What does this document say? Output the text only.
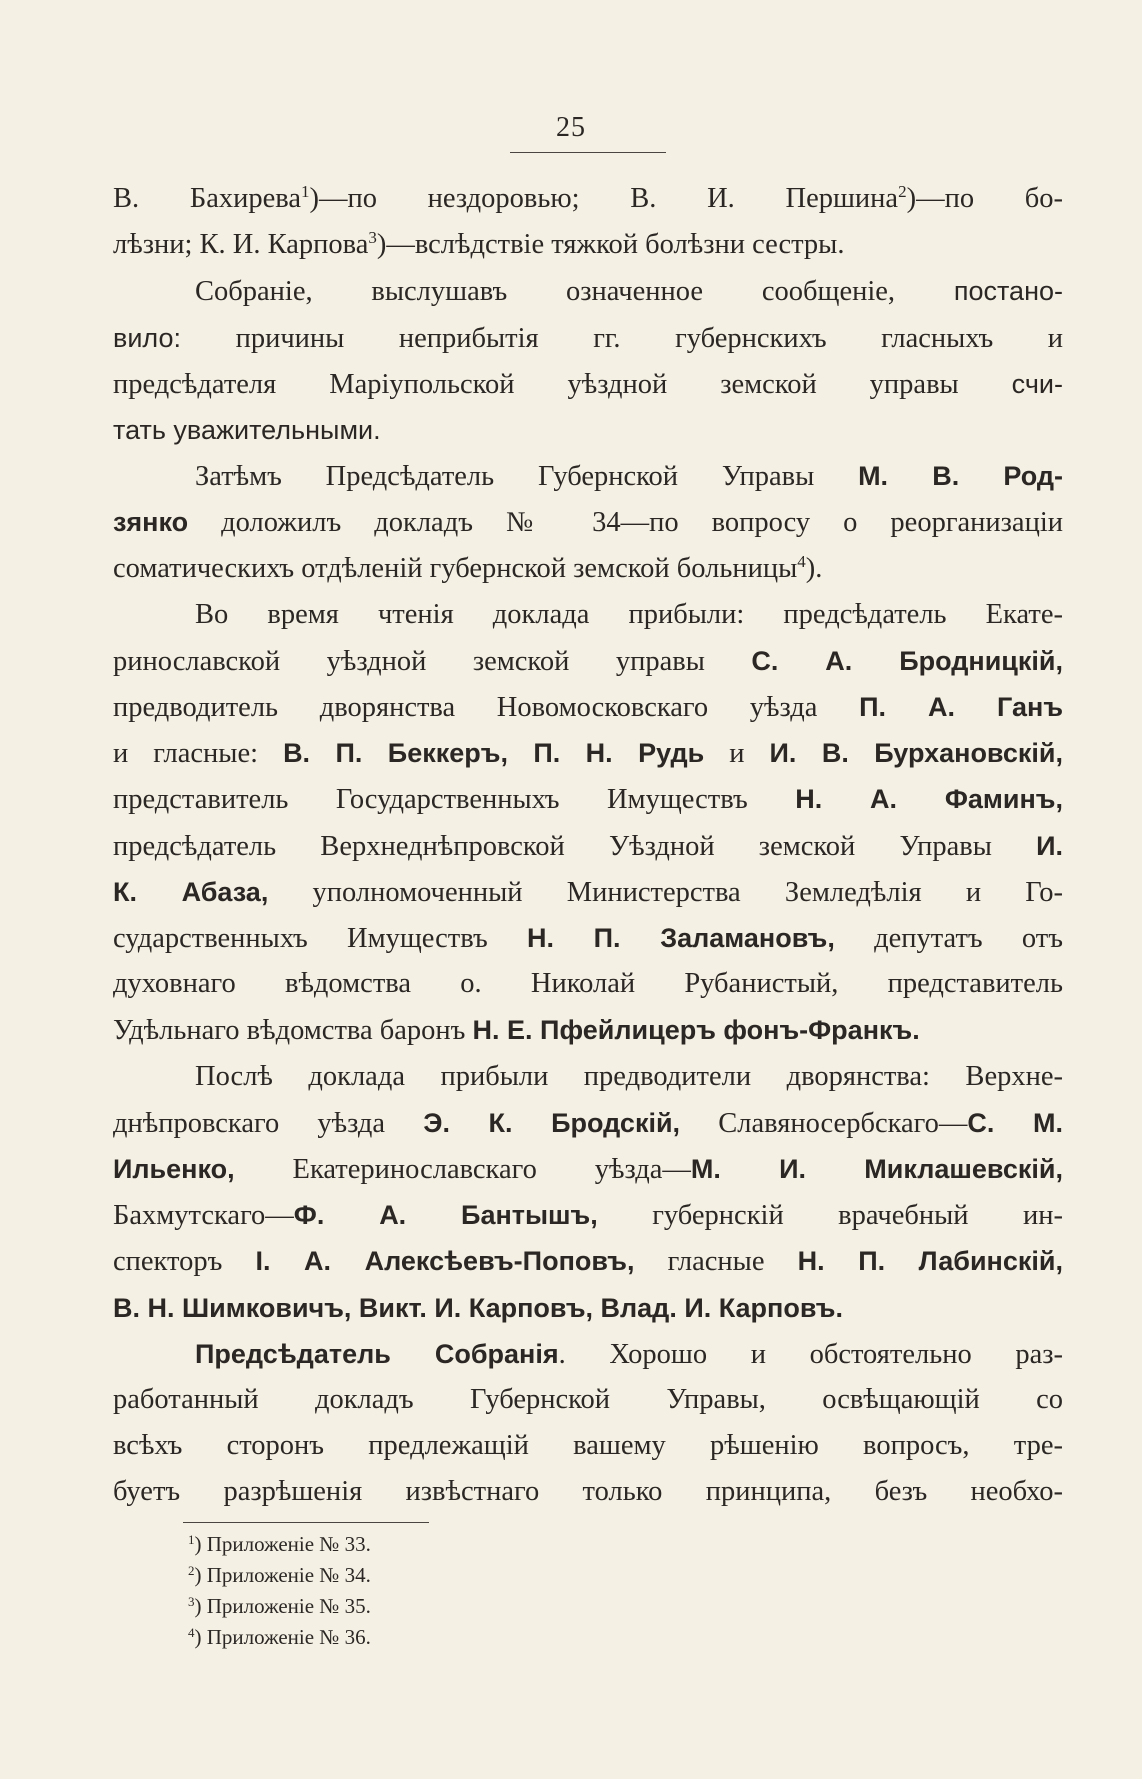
25
В. Бахирева$^1$)—по нездоровью; В. И. Першина$^2$)—по бо-
лѣзни; К. И. Карпова$^3$)—вслѣдствіе тяжкой болѣзни сестры.
Собраніе, выслушавъ означенное сообщеніе, постано-
вило: причины неприбытія гг. губернскихъ гласныхъ и
предсѣдателя Маріупольской уѣздной земской управы счи-
тать уважительными.
Затѣмъ Предсѣдатель Губернской Управы М. В. Род-
зянко доложилъ докладъ № 34—по вопросу о реорганизаціи
соматическихъ отдѣленій губернской земской больницы$^4$).
Во время чтенія доклада прибыли: предсѣдатель Екате-
ринославской уѣздной земской управы С. А. Бродницкій,
предводитель дворянства Новомосковскаго уѣзда П. А. Ганъ
и гласные: В. П. Беккеръ, П. Н. Рудь и И. В. Бурхановскій,
представитель Государственныхъ Имуществъ Н. А. Фаминъ,
предсѣдатель Верхнеднѣпровской Уѣздной земской Управы И.
К. Абаза, уполномоченный Министерства Земледѣлія и Го-
сударственныхъ Имуществъ Н. П. Заламановъ, депутатъ отъ
духовнаго вѣдомства о. Николай Рубанистый, представитель
Удѣльнаго вѣдомства баронъ Н. Е. Пфейлицеръ фонъ-Франкъ.
Послѣ доклада прибыли предводители дворянства: Верхне-
днѣпровскаго уѣзда Э. К. Бродскій, Славяносербскаго—С. М.
Ильенко, Екатеринославскаго уѣзда—М. И. Миклашевскій,
Бахмутскаго—Ф. А. Бантышъ, губернскій врачебный ин-
спекторъ І. А. Алексѣевъ-Поповъ, гласные Н. П. Лабинскій,
В. Н. Шимковичъ, Викт. И. Карповъ, Влад. И. Карповъ.
Предсѣдатель Собранія. Хорошо и обстоятельно раз-
работанный докладъ Губернской Управы, освѣщающій со
всѣхъ сторонъ предлежащій вашему рѣшенію вопросъ, тре-
буетъ разрѣшенія извѣстнаго только принципа, безъ необхо-
$^1$) Приложеніе № 33.
$^2$) Приложеніе № 34.
$^3$) Приложеніе № 35.
$^4$) Приложеніе № 36.
